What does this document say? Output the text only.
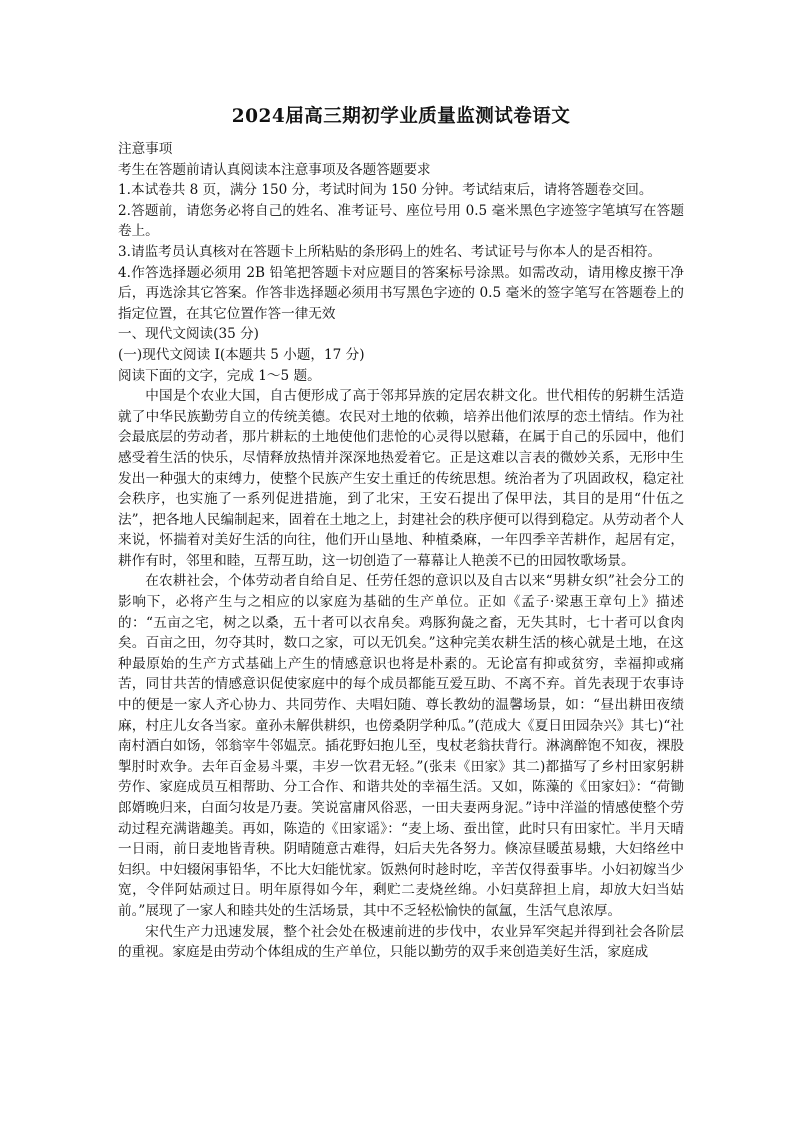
2024届高三期初学业质量监测试卷语文

注意事项

考生在答题前请认真阅读本注意事项及各题答题要求

1.本试卷共 8 页，满分 150 分，考试时间为 150 分钟。考试结束后，请将答题卷交回。

2.答题前，请您务必将自己的姓名、准考证号、座位号用 0.5 毫米黑色字迹签字笔填写在答题卷上。

3.请监考员认真核对在答题卡上所粘贴的条形码上的姓名、考试证号与你本人的是否相符。

4.作答选择题必须用 2B 铅笔把答题卡对应题目的答案标号涂黑。如需改动，请用橡皮擦干净后，再选涂其它答案。作答非选择题必须用书写黑色字迹的 0.5 毫米的签字笔写在答题卷上的指定位置，在其它位置作答一律无效

一、现代文阅读(35 分)

(一)现代文阅读 I(本题共 5 小题，17 分)

阅读下面的文字，完成 1～5 题。

中国是个农业大国，自古便形成了高于邻邦异族的定居农耕文化。世代相传的躬耕生活造就了中华民族勤劳自立的传统美德。农民对土地的依赖，培养出他们浓厚的恋土情结。作为社会最底层的劳动者，那片耕耘的土地使他们悲怆的心灵得以慰藉，在属于自己的乐园中，他们感受着生活的快乐，尽情释放热情并深深地热爱着它。正是这难以言表的微妙关系，无形中生发出一种强大的束缚力，使整个民族产生安土重迁的传统思想。统治者为了巩固政权，稳定社会秩序，也实施了一系列促进措施，到了北宋，王安石提出了保甲法，其目的是用“什伍之法”，把各地人民编制起来，固着在土地之上，封建社会的秩序便可以得到稳定。从劳动者个人来说，怀揣着对美好生活的向往，他们开山垦地、种植桑麻，一年四季辛苦耕作，起居有定，耕作有时，邻里和睦，互帮互助，这一切创造了一幕幕让人艳羡不已的田园牧歌场景。

在农耕社会，个体劳动者自给自足、任劳任怨的意识以及自古以来“男耕女织”社会分工的影响下，必将产生与之相应的以家庭为基础的生产单位。正如《孟子·梁惠王章句上》描述的：“五亩之宅，树之以桑，五十者可以衣帛矣。鸡豚狗彘之畜，无失其时，七十者可以食肉矣。百亩之田，勿夺其时，数口之家，可以无饥矣。”这种完美农耕生活的核心就是土地，在这种最原始的生产方式基础上产生的情感意识也将是朴素的。无论富有抑或贫穷，幸福抑或痛苦，同甘共苦的情感意识促使家庭中的每个成员都能互爱互助、不离不弃。首先表现于农事诗中的便是一家人齐心协力、共同劳作、夫唱妇随、尊长教幼的温馨场景，如：“昼出耕田夜绩麻，村庄儿女各当家。童孙未解供耕织，也傍桑阴学种瓜。”(范成大《夏日田园杂兴》其七)“社南村酒白如饧，邻翁宰牛邻媪烹。插花野妇抱儿至，曳杖老翁扶背行。淋漓醉饱不知夜，裸股掣肘时欢争。去年百金易斗粟，丰岁一饮君无轻。”(张耒《田家》其二)都描写了乡村田家躬耕劳作、家庭成员互相帮助、分工合作、和谐共处的幸福生活。又如，陈藻的《田家妇》：“荷锄郎婿晚归来，白面匀妆是乃妻。笑说富庸风俗恶，一田夫妻两身泥。”诗中洋溢的情感使整个劳动过程充满谐趣美。再如，陈造的《田家谣》：“麦上场、蚕出筐，此时只有田家忙。半月天晴一日雨，前日麦地皆青秧。阴晴随意古难得，妇后夫先各努力。倏凉昼暖茧易蛾，大妇络丝中妇织。中妇辍闲事铅华，不比大妇能忧家。饭熟何时趁时吃，辛苦仅得蚕事毕。小妇初嫁当少宽，令伴阿姑顽过日。明年原得如今年，剩贮二麦烧丝绵。小妇莫辞担上肩，却放大妇当姑前。”展现了一家人和睦共处的生活场景，其中不乏轻松愉快的氤氲，生活气息浓厚。

宋代生产力迅速发展，整个社会处在极速前进的步伐中，农业异军突起并得到社会各阶层的重视。家庭是由劳动个体组成的生产单位，只能以勤劳的双手来创造美好生活，家庭成
